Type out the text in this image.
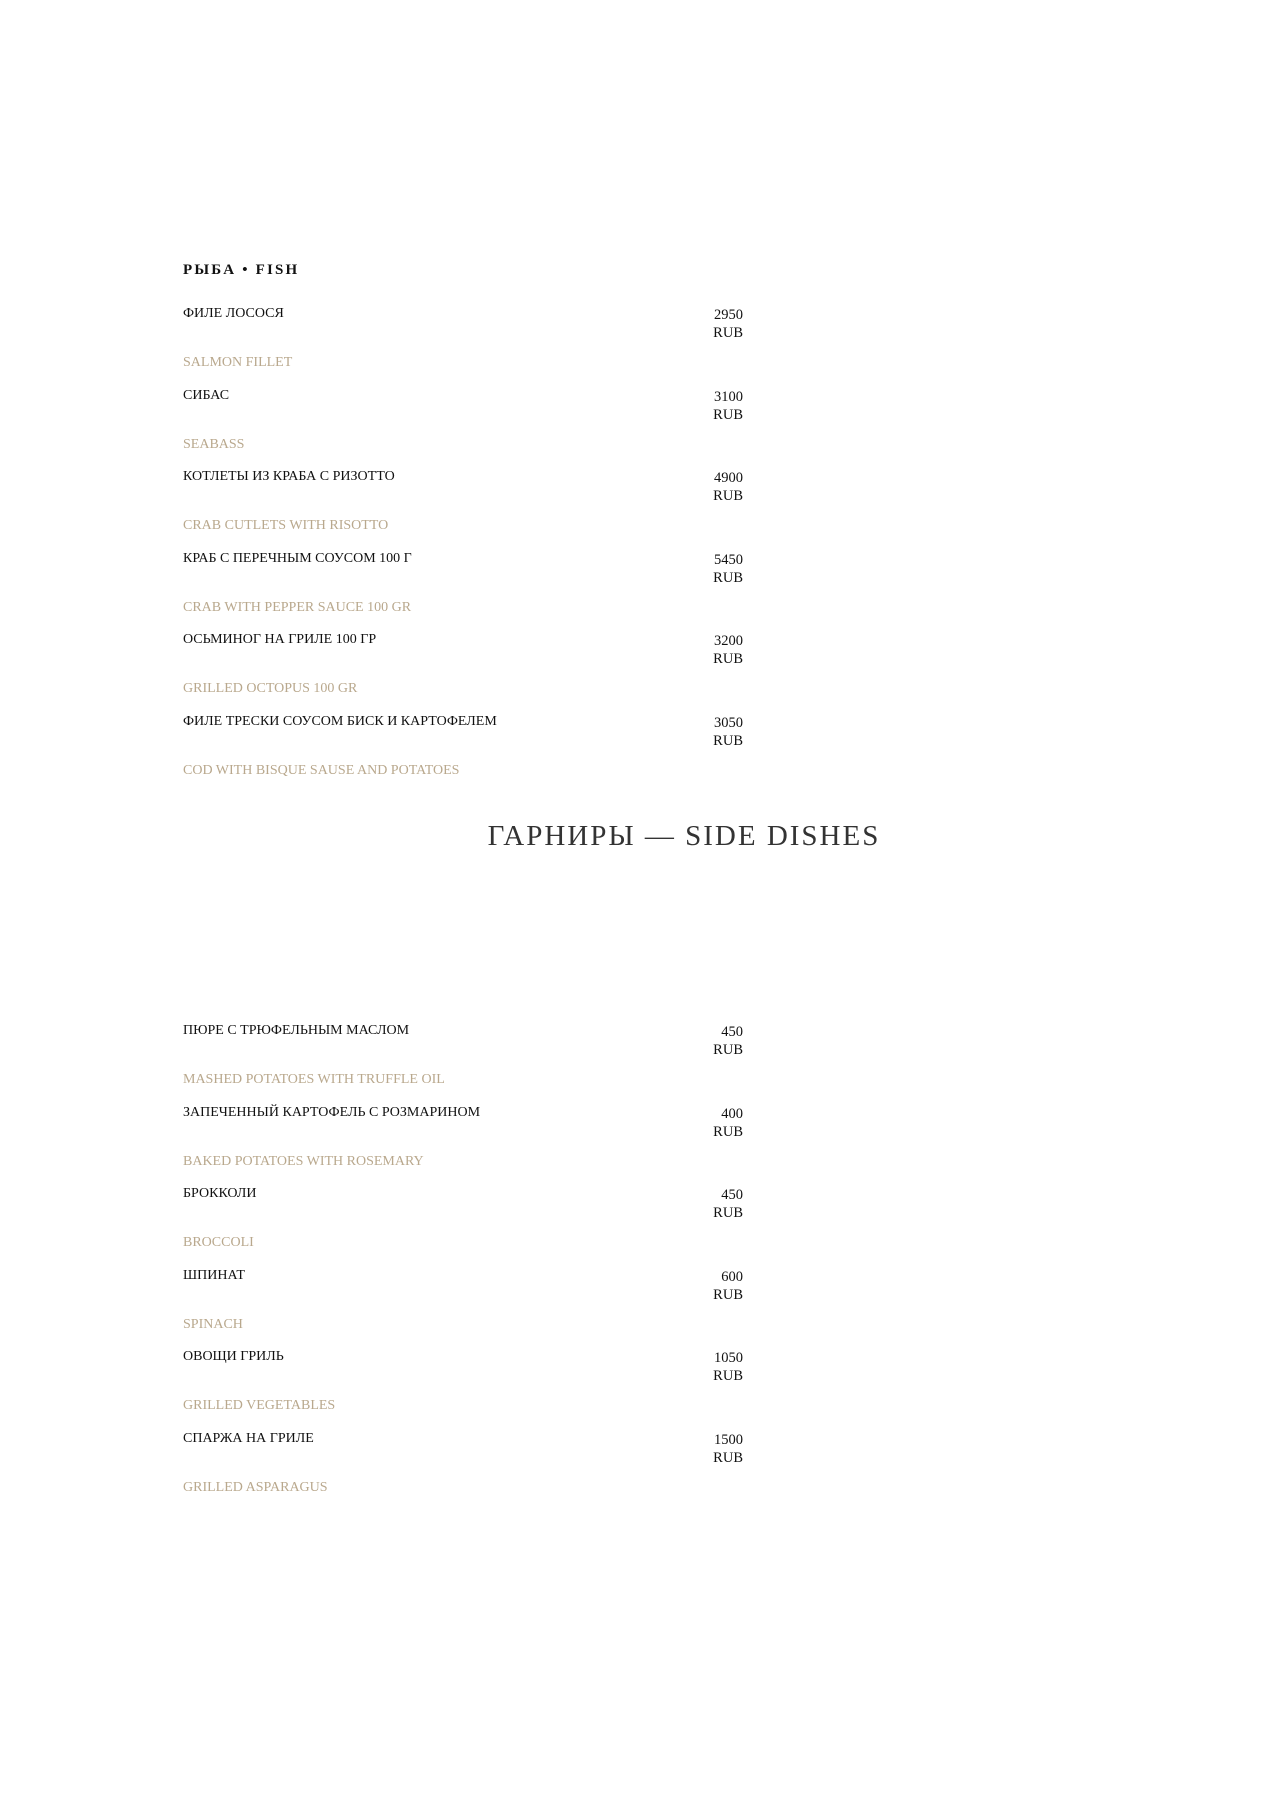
РЫБА • FISH
ФИЛЕ ЛОСОСЯ	2950
RUB
SALMON FILLET
СИБАС	3100
RUB
SEABASS
КОТЛЕТЫ ИЗ КРАБА С РИЗОТТО	4900
RUB
CRAB CUTLETS WITH RISOTTO
КРАБ С ПЕРЕЧНЫМ СОУСОМ 100 Г	5450
RUB
CRAB WITH PEPPER SAUCE 100 GR
ОСЬМИНОГ НА ГРИЛЕ 100 ГР	3200
RUB
GRILLED OCTOPUS 100 GR
ФИЛЕ ТРЕСКИ СОУСОМ БИСК И КАРТОФЕЛЕМ	3050
RUB
COD WITH BISQUE SAUSE AND POTATOES
ГАРНИРЫ — SIDE DISHES
ПЮРЕ С ТРЮФЕЛЬНЫМ МАСЛОМ	450
RUB
MASHED POTATOES WITH TRUFFLE OIL
ЗАПЕЧЕННЫЙ КАРТОФЕЛЬ С РОЗМАРИНОМ	400
RUB
BAKED POTATOES WITH ROSEMARY
БРОККОЛИ	450
RUB
BROCCOLI
ШПИНАТ	600
RUB
SPINACH
ОВОЩИ ГРИЛЬ	1050
RUB
GRILLED VEGETABLES
СПАРЖА НА ГРИЛЕ	1500
RUB
GRILLED ASPARAGUS
